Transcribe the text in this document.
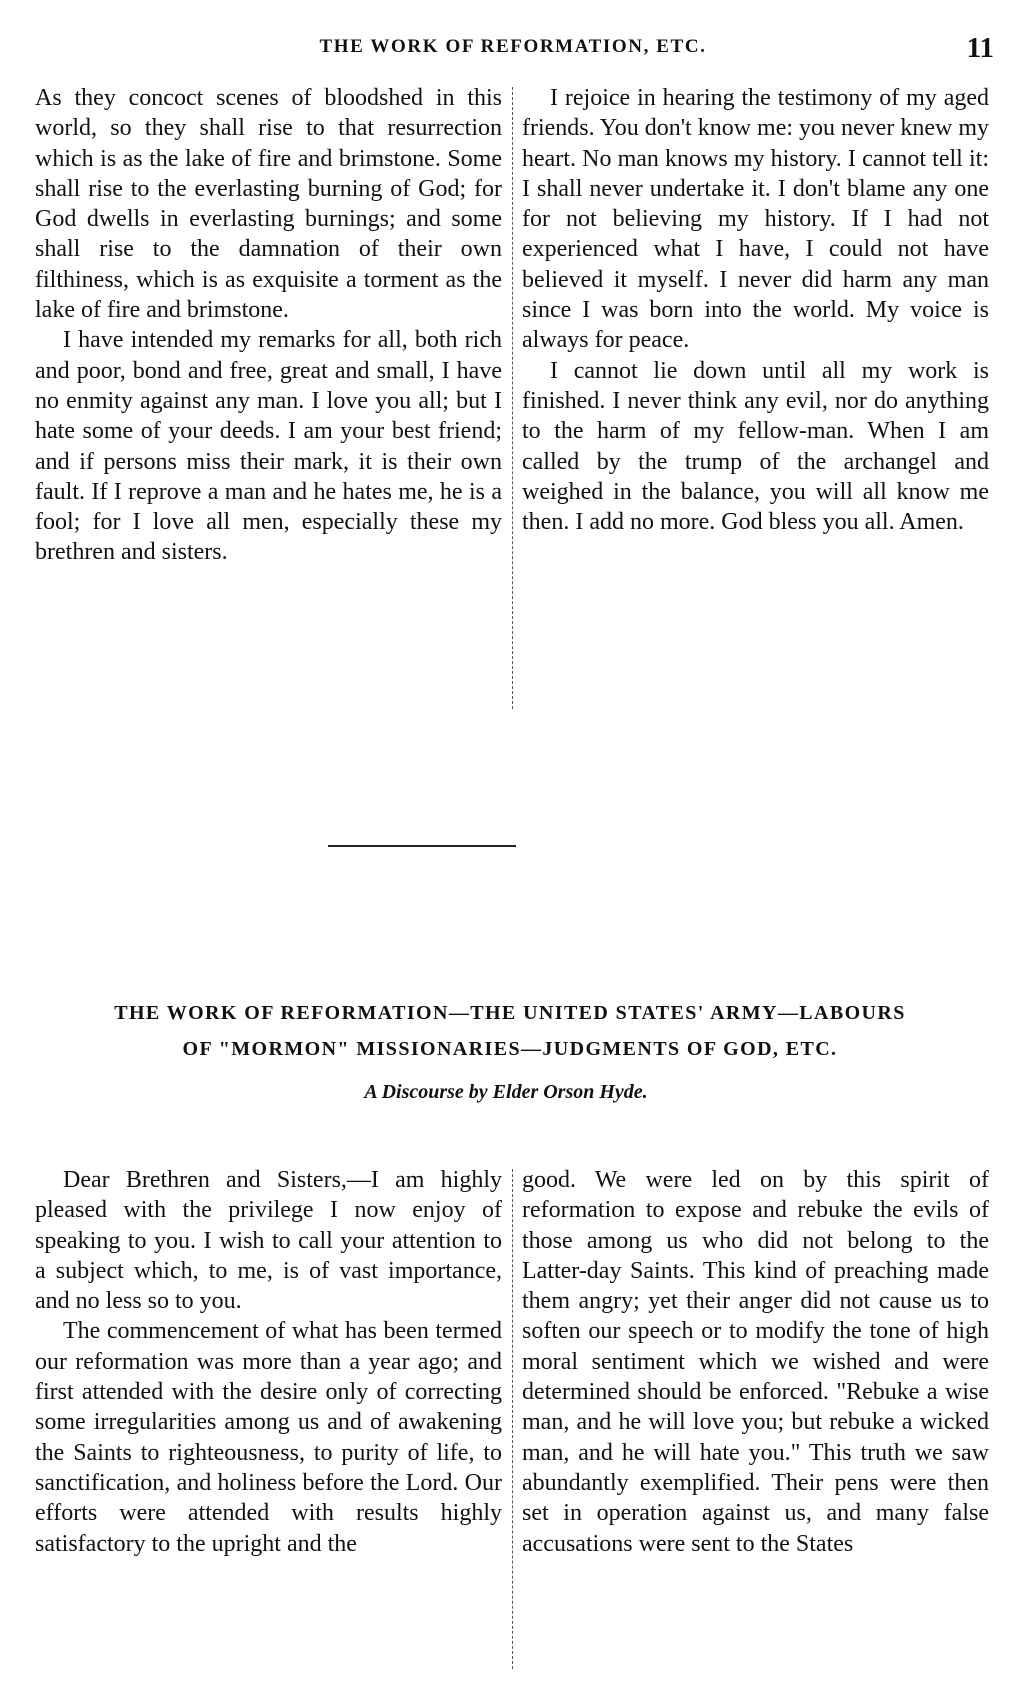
THE WORK OF REFORMATION, ETC.	11

As they concoct scenes of bloodshed in this world, so they shall rise to that resurrection which is as the lake of fire and brimstone. Some shall rise to the everlasting burning of God; for God dwells in everlasting burnings; and some shall rise to the damnation of their own filthiness, which is as exquisite a torment as the lake of fire and brimstone.

I have intended my remarks for all, both rich and poor, bond and free, great and small, I have no enmity against any man. I love you all; but I hate some of your deeds. I am your best friend; and if persons miss their mark, it is their own fault. If I reprove a man and he hates me, he is a fool; for I love all men, especially these my brethren and sisters.

I rejoice in hearing the testimony of my aged friends. You don't know me: you never knew my heart. No man knows my history. I cannot tell it: I shall never undertake it. I don't blame any one for not believing my history. If I had not experienced what I have, I could not have believed it myself. I never did harm any man since I was born into the world. My voice is always for peace.

I cannot lie down until all my work is finished. I never think any evil, nor do anything to the harm of my fellow-man. When I am called by the trump of the archangel and weighed in the balance, you will all know me then. I add no more. God bless you all. Amen.

THE WORK OF REFORMATION—THE UNITED STATES' ARMY—LABOURS
OF "MORMON" MISSIONARIES—JUDGMENTS OF GOD, ETC.
A Discourse by Elder Orson Hyde.

Dear Brethren and Sisters,—I am highly pleased with the privilege I now enjoy of speaking to you. I wish to call your attention to a subject which, to me, is of vast importance, and no less so to you.

The commencement of what has been termed our reformation was more than a year ago; and first attended with the desire only of correcting some irregularities among us and of awakening the Saints to righteousness, to purity of life, to sanctification, and holiness before the Lord. Our efforts were attended with results highly satisfactory to the upright and the

good. We were led on by this spirit of reformation to expose and rebuke the evils of those among us who did not belong to the Latter-day Saints. This kind of preaching made them angry; yet their anger did not cause us to soften our speech or to modify the tone of high moral sentiment which we wished and were determined should be enforced. "Rebuke a wise man, and he will love you; but rebuke a wicked man, and he will hate you." This truth we saw abundantly exemplified. Their pens were then set in operation against us, and many false accusations were sent to the States
